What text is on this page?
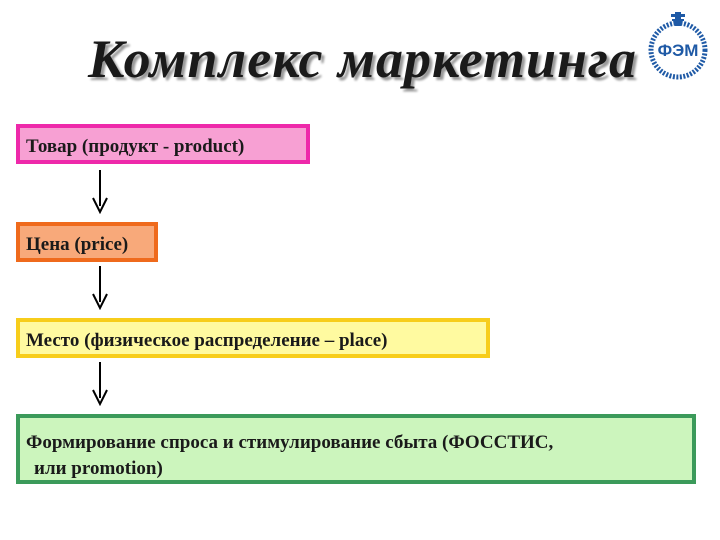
Комплекс маркетинга ФЭМ
Товар (продукт - product)
Цена (price)
Место (физическое распределение – place)
Формирование спроса и стимулирование сбыта (ФОССТИС,
или promotion)
